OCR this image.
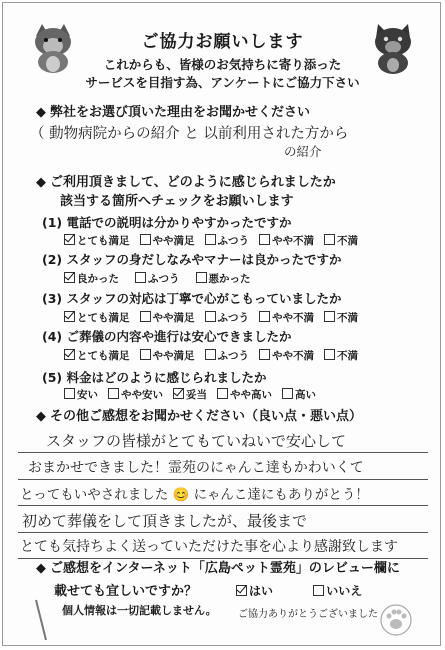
ご協力お願いします
これからも、皆様のお気持ちに寄り添った
サービスを目指す為、アンケートにご協力下さい
◆ 弊社をお選び頂いた理由をお聞かせください
（ 動物病院からの紹介 と 以前利用された方から
の紹介
◆ ご利用頂きまして、どのように感じられましたか
該当する箇所へチェックをお願いします
(1) 電話での説明は分かりやすかったですか
とても満足 やや満足 ふつう やや不満 不満
(2) スタッフの身だしなみやマナーは良かったですか
良かった	ふつう	悪かった
(3) スタッフの対応は丁寧で心がこもっていましたか
とても満足 やや満足 ふつう やや不満 不満
(4) ご葬儀の内容や進行は安心できましたか
とても満足 やや満足 ふつう やや不満 不満
(5) 料金はどのように感じられましたか
安い やや安い 妥当 やや高い 高い
◆ その他ご感想をお聞かせください（良い点・悪い点）
スタッフの皆様がとてもていねいで安心して
おまかせできました！霊苑のにゃんこ達もかわいくて
とってもいやされました 😊 にゃんこ達にもありがとう！
初めて葬儀をして頂きましたが、最後まで
とても気持ちよく送っていただけた事を心より感謝致します
◆ ご感想をインターネット「広島ペット霊苑」のレビュー欄に
載せても宜しいですか？	はい	いいえ
個人情報は一切記載しません。 ご協力ありがとうございました
